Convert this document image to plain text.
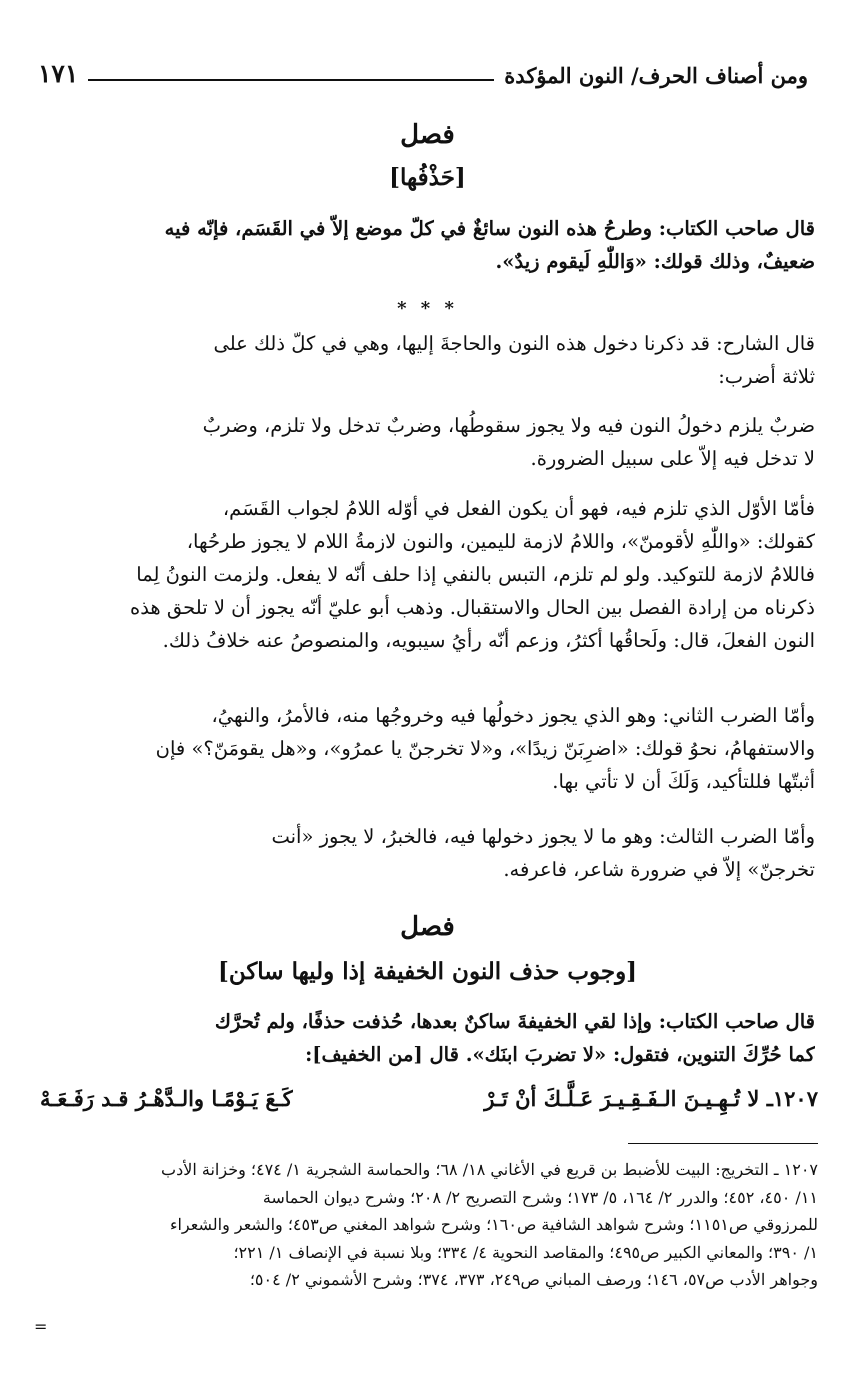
ومن أصناف الحرف/ النون المؤكدة
١٧١
فصل
[حَذْفُها]
قال صاحب الكتاب: وطرحُ هذه النون سائغٌ في كلّ موضع إلاّ في القَسَم، فإنّه فيه
ضعيفٌ، وذلك قولك: «وَاللّٰهِ لَيقوم زيدٌ».
* * *
قال الشارح: قد ذكرنا دخول هذه النون والحاجةَ إليها، وهي في كلّ ذلك على
ثلاثة أضرب:
ضربٌ يلزم دخولُ النون فيه ولا يجوز سقوطُها، وضربٌ تدخل ولا تلزم، وضربٌ
لا تدخل فيه إلاّ على سبيل الضرورة.
فأمّا الأوّل الذي تلزم فيه، فهو أن يكون الفعل في أوّله اللامُ لجواب القَسَم،
كقولك: «واللّٰهِ لأقومنّ»، واللامُ لازمة لليمين، والنون لازمةُ اللام لا يجوز طرحُها،
فاللامُ لازمة للتوكيد. ولو لم تلزم، التبس بالنفي إذا حلف أنّه لا يفعل. ولزمت النونُ لِما
ذكرناه من إرادة الفصل بين الحال والاستقبال. وذهب أبو عليّ أنّه يجوز أن لا تلحق هذه
النون الفعلَ، قال: ولَحاقُها أكثرُ، وزعم أنّه رأيُ سيبويه، والمنصوصُ عنه خلافُ ذلك.
وأمّا الضرب الثاني: وهو الذي يجوز دخولُها فيه وخروجُها منه، فالأمرُ، والنهيُ،
والاستفهامُ، نحوُ قولك: «اضرِبَنّ زيدًا»، و«لا تخرجنّ يا عمرُو»، و«هل يقومَنّ؟» فإن
أثبتّها فللتأكيد، وَلَكَ أن لا تأتي بها.
وأمّا الضرب الثالث: وهو ما لا يجوز دخولها فيه، فالخبرُ، لا يجوز «أنت
تخرجنّ» إلاّ في ضرورة شاعر، فاعرفه.
فصل
[وجوب حذف النون الخفيفة إذا وليها ساكن]
قال صاحب الكتاب: وإذا لقي الخفيفةَ ساكنٌ بعدها، حُذفت حذفًا، ولم تُحرَّك
كما حُرِّكَ التنوين، فتقول: «لا تضربَ ابنَك». قال [من الخفيف]:
١٢٠٧ـ لا تُـهِـيـنَ الـفَـقِـيـرَ عَـلَّـكَ أنْ تَـرْ
كَـعَ يَـوْمًـا والـدَّهْـرُ قـد رَفَـعَـهْ
١٢٠٧ ـ التخريج: البيت للأضبط بن قريع في الأغاني ١٨/ ٦٨؛ والحماسة الشجرية ١/ ٤٧٤؛ وخزانة الأدب
١١/ ٤٥٠، ٤٥٢؛ والدرر ٢/ ١٦٤، ٥/ ١٧٣؛ وشرح التصريح ٢/ ٢٠٨؛ وشرح ديوان الحماسة
للمرزوقي ص١١٥١؛ وشرح شواهد الشافية ص١٦٠؛ وشرح شواهد المغني ص٤٥٣؛ والشعر والشعراء
١/ ٣٩٠؛ والمعاني الكبير ص٤٩٥؛ والمقاصد النحوية ٤/ ٣٣٤؛ وبلا نسبة في الإنصاف ١/ ٢٢١؛
وجواهر الأدب ص٥٧، ١٤٦؛ ورصف المباني ص٢٤٩، ٣٧٣، ٣٧٤؛ وشرح الأشموني ٢/ ٥٠٤؛
=
